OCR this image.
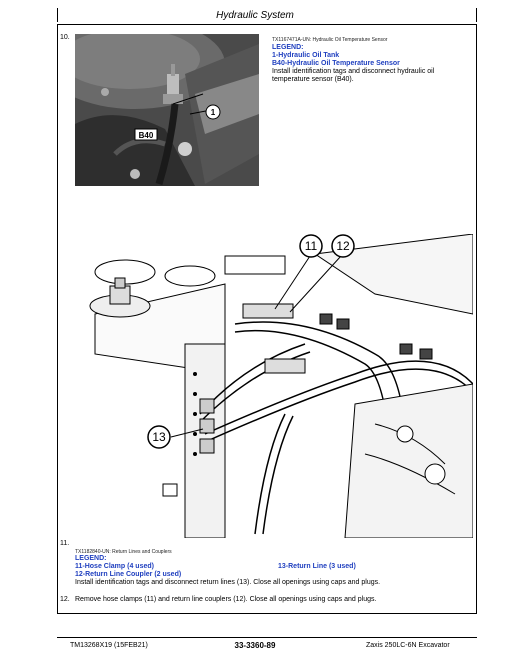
Hydraulic System
10.
1
B40
TX1167471A-UN: Hydraulic Oil Temperature Sensor
LEGEND:
1-Hydraulic Oil Tank
B40-Hydraulic Oil Temperature Sensor
Install identification tags and disconnect hydraulic oil
temperature sensor (B40).
11 12
13
11.
TX1182840-UN: Return Lines and Couplers
LEGEND:
11-Hose Clamp (4 used)
12-Return Line Coupler (2 used)
13-Return Line (3 used)
Install identification tags and disconnect return lines (13). Close all openings using caps and plugs.
12. Remove hose clamps (11) and return line couplers (12). Close all openings using caps and plugs.
TM13268X19 (15FEB21)	33-3360-89	Zaxis 250LC-6N Excavator
